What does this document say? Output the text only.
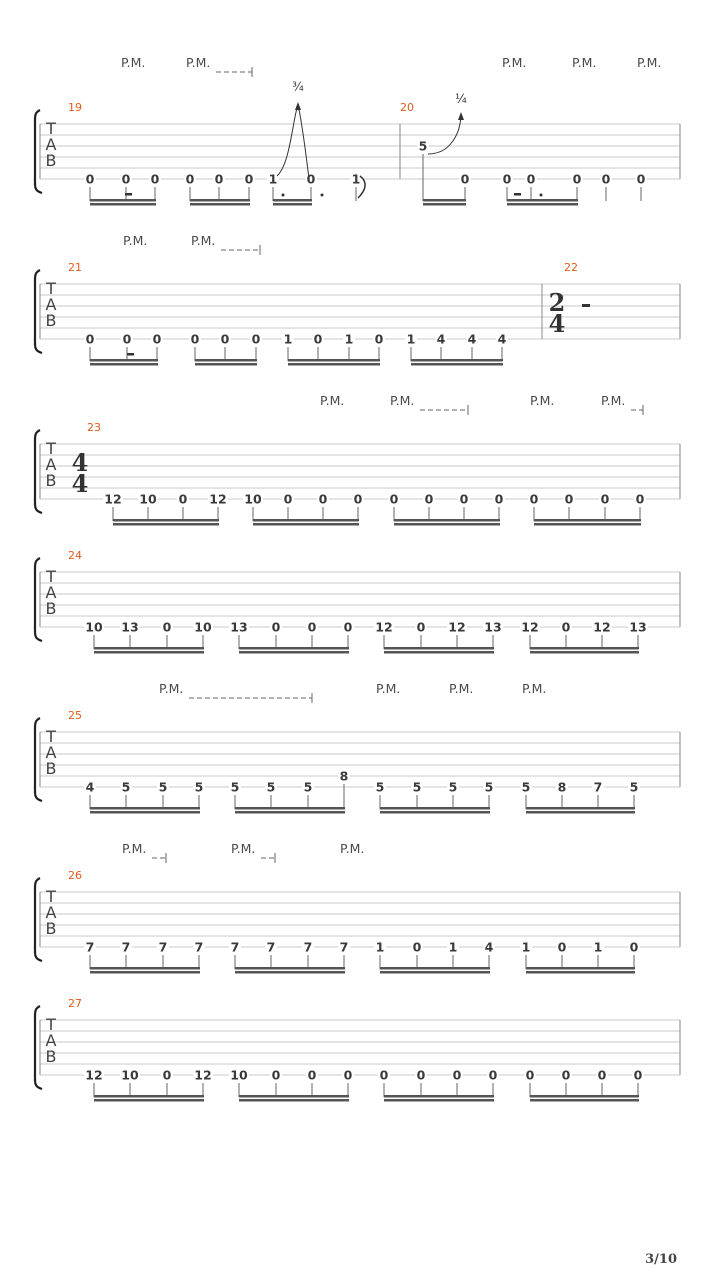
T
A
B
19
0 0 0 0 0 0 1 0	1
20
5
0	0 0	0 0 0
P.M.	P.M.	P.M.	P.M.	P.M.
¾
¼
T
A
B
21
0 0 0 0 0 0 1 0 1 0 1 4 4 4
22
2
4
P.M.	P.M.
T
A
B
23
4
4
12 10 0 12 10 0 0 0 0 0 0 0 0 0 0 0
P.M.	P.M.	P.M.	P.M.
T
A
B
24
10 13 0 10 13 0 0 0 12 0 12 13 12 0 12 13
T
A
B
25
4 5 5 5 5 5 5
8
5 5 5 5 5 8 7 5
P.M.	P.M.	P.M.	P.M.
T
A
B
26
7 7 7 7 7 7 7 7 1 0 1 4 1 0 1 0
P.M.	P.M.	P.M.
T
A
B
27
12 10 0 12 10 0 0 0 0 0 0 0 0 0 0 0
3/10
